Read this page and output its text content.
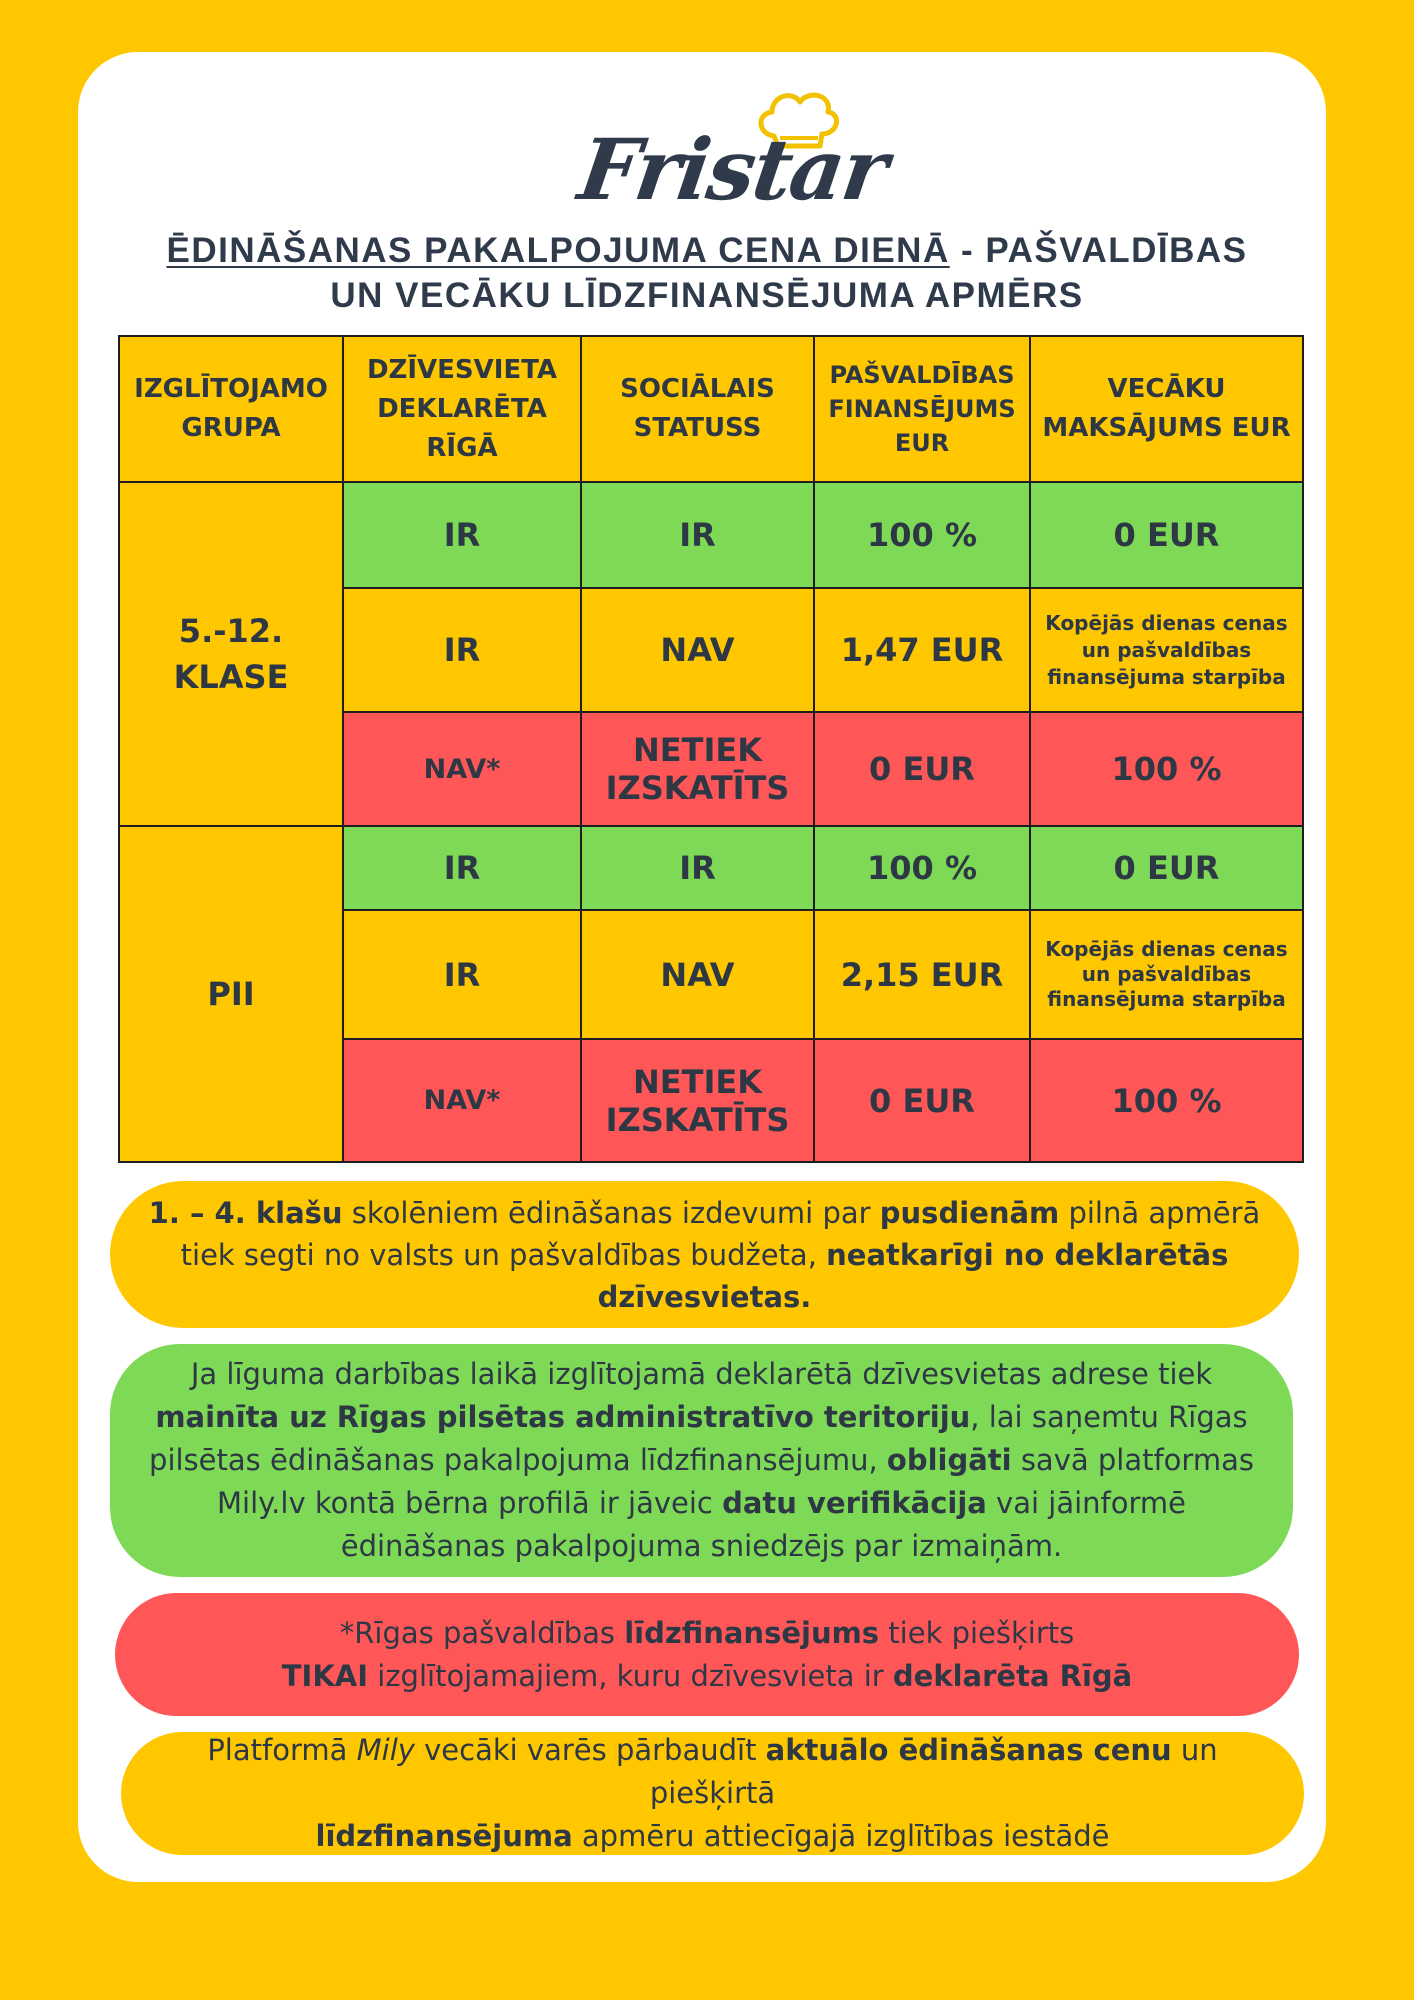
Fristar
ĒDINĀŠANAS PAKALPOJUMA CENA DIENĀ - PAŠVALDĪBAS
UN VECĀKU LĪDZFINANSĒJUMA APMĒRS
IZGLĪTOJAMO GRUPA	DZĪVESVIETA DEKLARĒTA RĪGĀ	SOCIĀLAIS STATUSS	PAŠVALDĪBAS FINANSĒJUMS EUR	VECĀKU MAKSĀJUMS EUR
5.-12. KLASE	IR	IR	100 %	0 EUR
	IR	NAV	1,47 EUR	Kopējās dienas cenas un pašvaldības finansējuma starpība
	NAV*	NETIEK IZSKATĪTS	0 EUR	100 %
PII	IR	IR	100 %	0 EUR
	IR	NAV	2,15 EUR	Kopējās dienas cenas un pašvaldības finansējuma starpība
	NAV*	NETIEK IZSKATĪTS	0 EUR	100 %

1. – 4. klašu skolēniem ēdināšanas izdevumi par pusdienām pilnā apmērā tiek segti no valsts un pašvaldības budžeta, neatkarīgi no deklarētās dzīvesvietas.

Ja līguma darbības laikā izglītojamā deklarētā dzīvesvietas adrese tiek mainīta uz Rīgas pilsētas administratīvo teritoriju, lai saņemtu Rīgas pilsētas ēdināšanas pakalpojuma līdzfinansējumu, obligāti savā platformas Mily.lv kontā bērna profilā ir jāveic datu verifikācija vai jāinformē ēdināšanas pakalpojuma sniedzējs par izmaiņām.

*Rīgas pašvaldības līdzfinansējums tiek piešķirts
TIKAI izglītojamajiem, kuru dzīvesvieta ir deklarēta Rīgā

Platformā Mily vecāki varēs pārbaudīt aktuālo ēdināšanas cenu un piešķirtā
līdzfinansējuma apmēru attiecīgajā izglītības iestādē
